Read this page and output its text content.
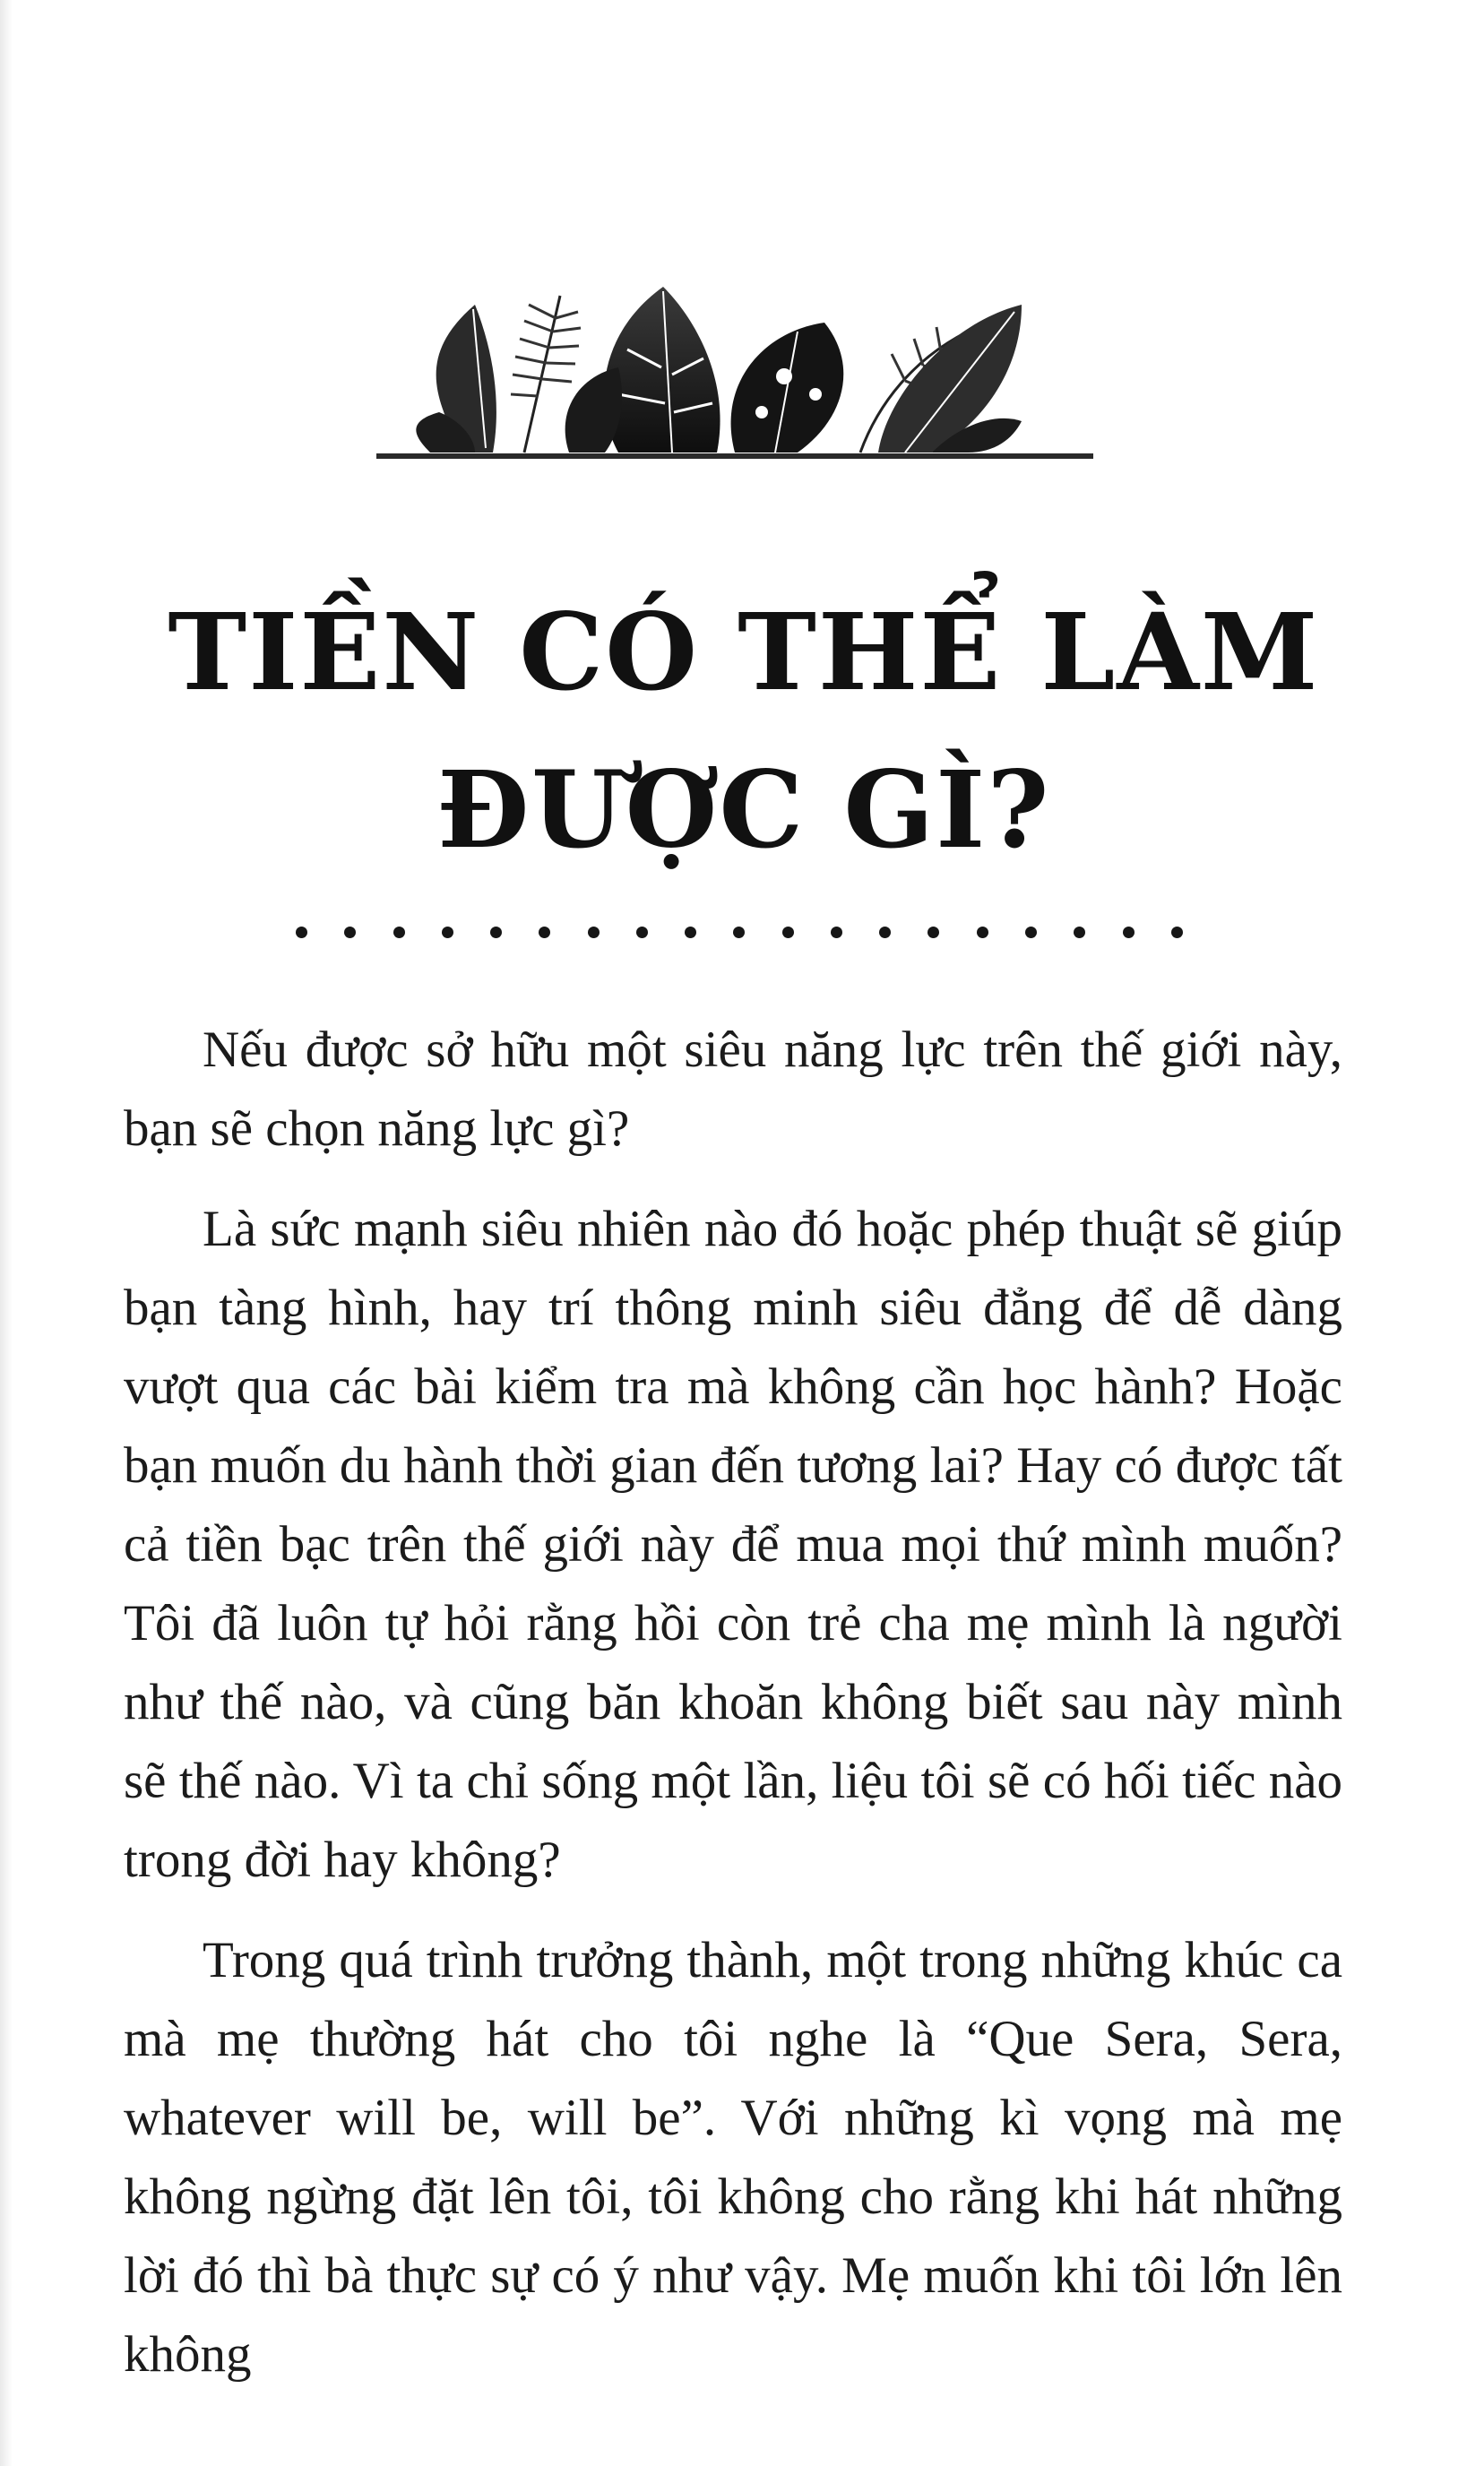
TIỀN CÓ THỂ LÀM
ĐƯỢC GÌ?

Nếu được sở hữu một siêu năng lực trên thế giới này, bạn sẽ chọn năng lực gì?

Là sức mạnh siêu nhiên nào đó hoặc phép thuật sẽ giúp bạn tàng hình, hay trí thông minh siêu đẳng để dễ dàng vượt qua các bài kiểm tra mà không cần học hành? Hoặc bạn muốn du hành thời gian đến tương lai? Hay có được tất cả tiền bạc trên thế giới này để mua mọi thứ mình muốn? Tôi đã luôn tự hỏi rằng hồi còn trẻ cha mẹ mình là người như thế nào, và cũng băn khoăn không biết sau này mình sẽ thế nào. Vì ta chỉ sống một lần, liệu tôi sẽ có hối tiếc nào trong đời hay không?

Trong quá trình trưởng thành, một trong những khúc ca mà mẹ thường hát cho tôi nghe là “Que Sera, Sera, whatever will be, will be”. Với những kì vọng mà mẹ không ngừng đặt lên tôi, tôi không cho rằng khi hát những lời đó thì bà thực sự có ý như vậy. Mẹ muốn khi tôi lớn lên không
